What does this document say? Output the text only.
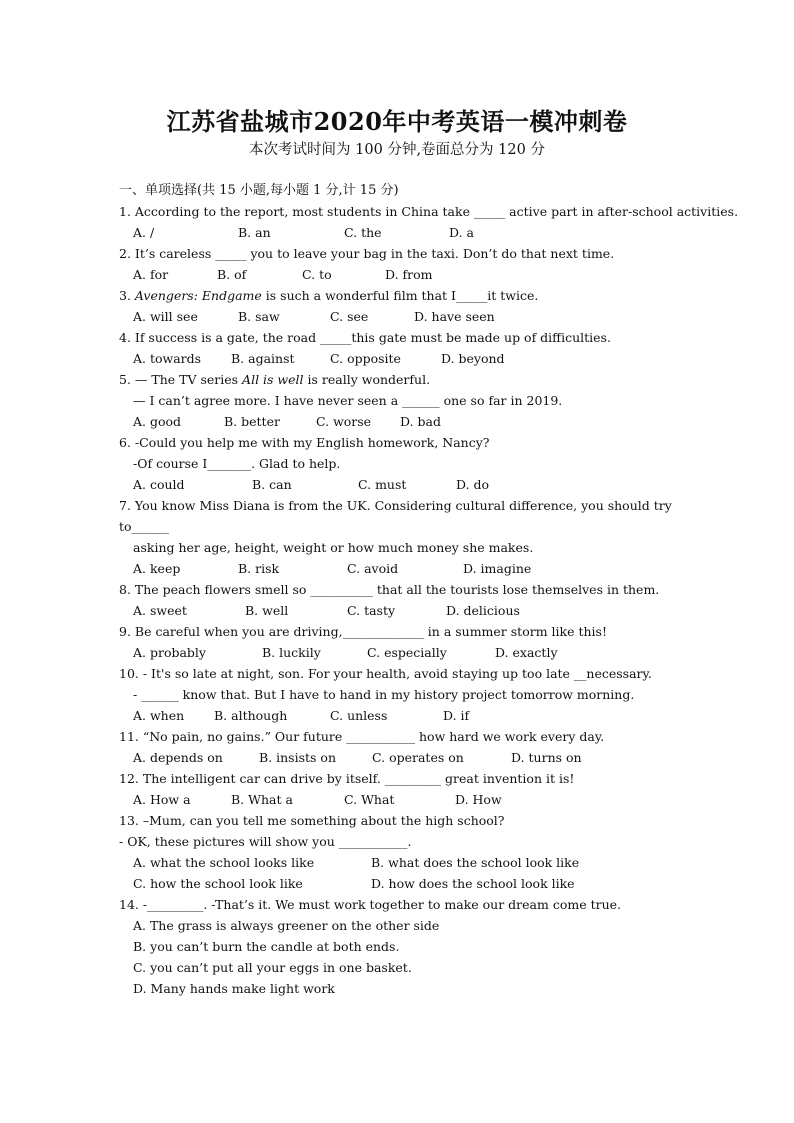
江苏省盐城市2020年中考英语一模冲刺卷
本次考试时间为 100 分钟,卷面总分为 120 分
一、单项选择(共 15 小题,每小题 1 分,计 15 分)
1. According to the report, most students in China take _____ active part in after-school activities.
A. /	B. an	C. the	D. a
2. It’s careless _____ you to leave your bag in the taxi. Don’t do that next time.
A. for	B. of	C. to	D. from
3. Avengers: Endgame is such a wonderful film that I_____it twice.
A. will see	B. saw	C. see	D. have seen
4. If success is a gate, the road _____this gate must be made up of difficulties.
A. towards B. against	C. opposite	D. beyond
5. — The TV series All is well is really wonderful.
— I can’t agree more. I have never seen a ______ one so far in 2019.
A. good	B. better	C. worse D. bad
6. -Could you help me with my English homework, Nancy?
-Of course I_______. Glad to help.
A. could	B. can	C. must	D. do
7. You know Miss Diana is from the UK. Considering cultural difference, you should try
to______
asking her age, height, weight or how much money she makes.
A. keep	B. risk	C. avoid	D. imagine
8. The peach flowers smell so __________ that all the tourists lose themselves in them.
A. sweet	B. well	C. tasty	D. delicious
9. Be careful when you are driving,_____________ in a summer storm like this!
A. probably	B. luckily	C. especially	D. exactly
10. - It's so late at night, son. For your health, avoid staying up too late __necessary.
- ______ know that. But I have to hand in my history project tomorrow morning.
A. when B. although	C. unless	D. if
11. “No pain, no gains.” Our future ___________ how hard we work every day.
A. depends on	B. insists on	C. operates on	D. turns on
12. The intelligent car can drive by itself. _________ great invention it is!
A. How a	B. What a	C. What	D. How
13. –Mum, can you tell me something about the high school?
- OK, these pictures will show you ___________.
A. what the school looks like	B. what does the school look like
C. how the school look like	D. how does the school look like
14. -_________. -That’s it. We must work together to make our dream come true.
A. The grass is always greener on the other side
B. you can’t burn the candle at both ends.
C. you can’t put all your eggs in one basket.
D. Many hands make light work
